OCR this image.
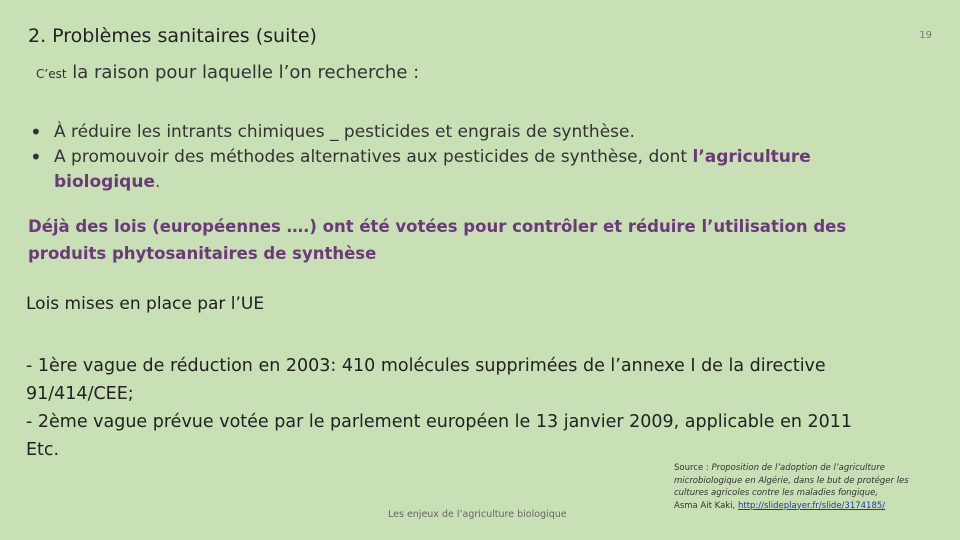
2. Problèmes sanitaires (suite)	19
C’est la raison pour laquelle l’on recherche :
• À réduire les intrants chimiques _ pesticides et engrais de synthèse.
• A promouvoir des méthodes alternatives aux pesticides de synthèse, dont l’agriculture biologique.
Déjà des lois (européennes ….) ont été votées pour contrôler et réduire l’utilisation des produits phytosanitaires de synthèse
Lois mises en place par l’UE
- 1ère vague de réduction en 2003: 410 molécules supprimées de l’annexe I de la directive 91/414/CEE;
- 2ème vague prévue votée par le parlement européen le 13 janvier 2009, applicable en 2011
Etc.
Les enjeux de l’agriculture biologique
Source : Proposition de l’adoption de l’agriculture microbiologique en Algérie, dans le but de protéger les cultures agricoles contre les maladies fongique,
Asma Ait Kaki, http://slideplayer.fr/slide/3174185/
